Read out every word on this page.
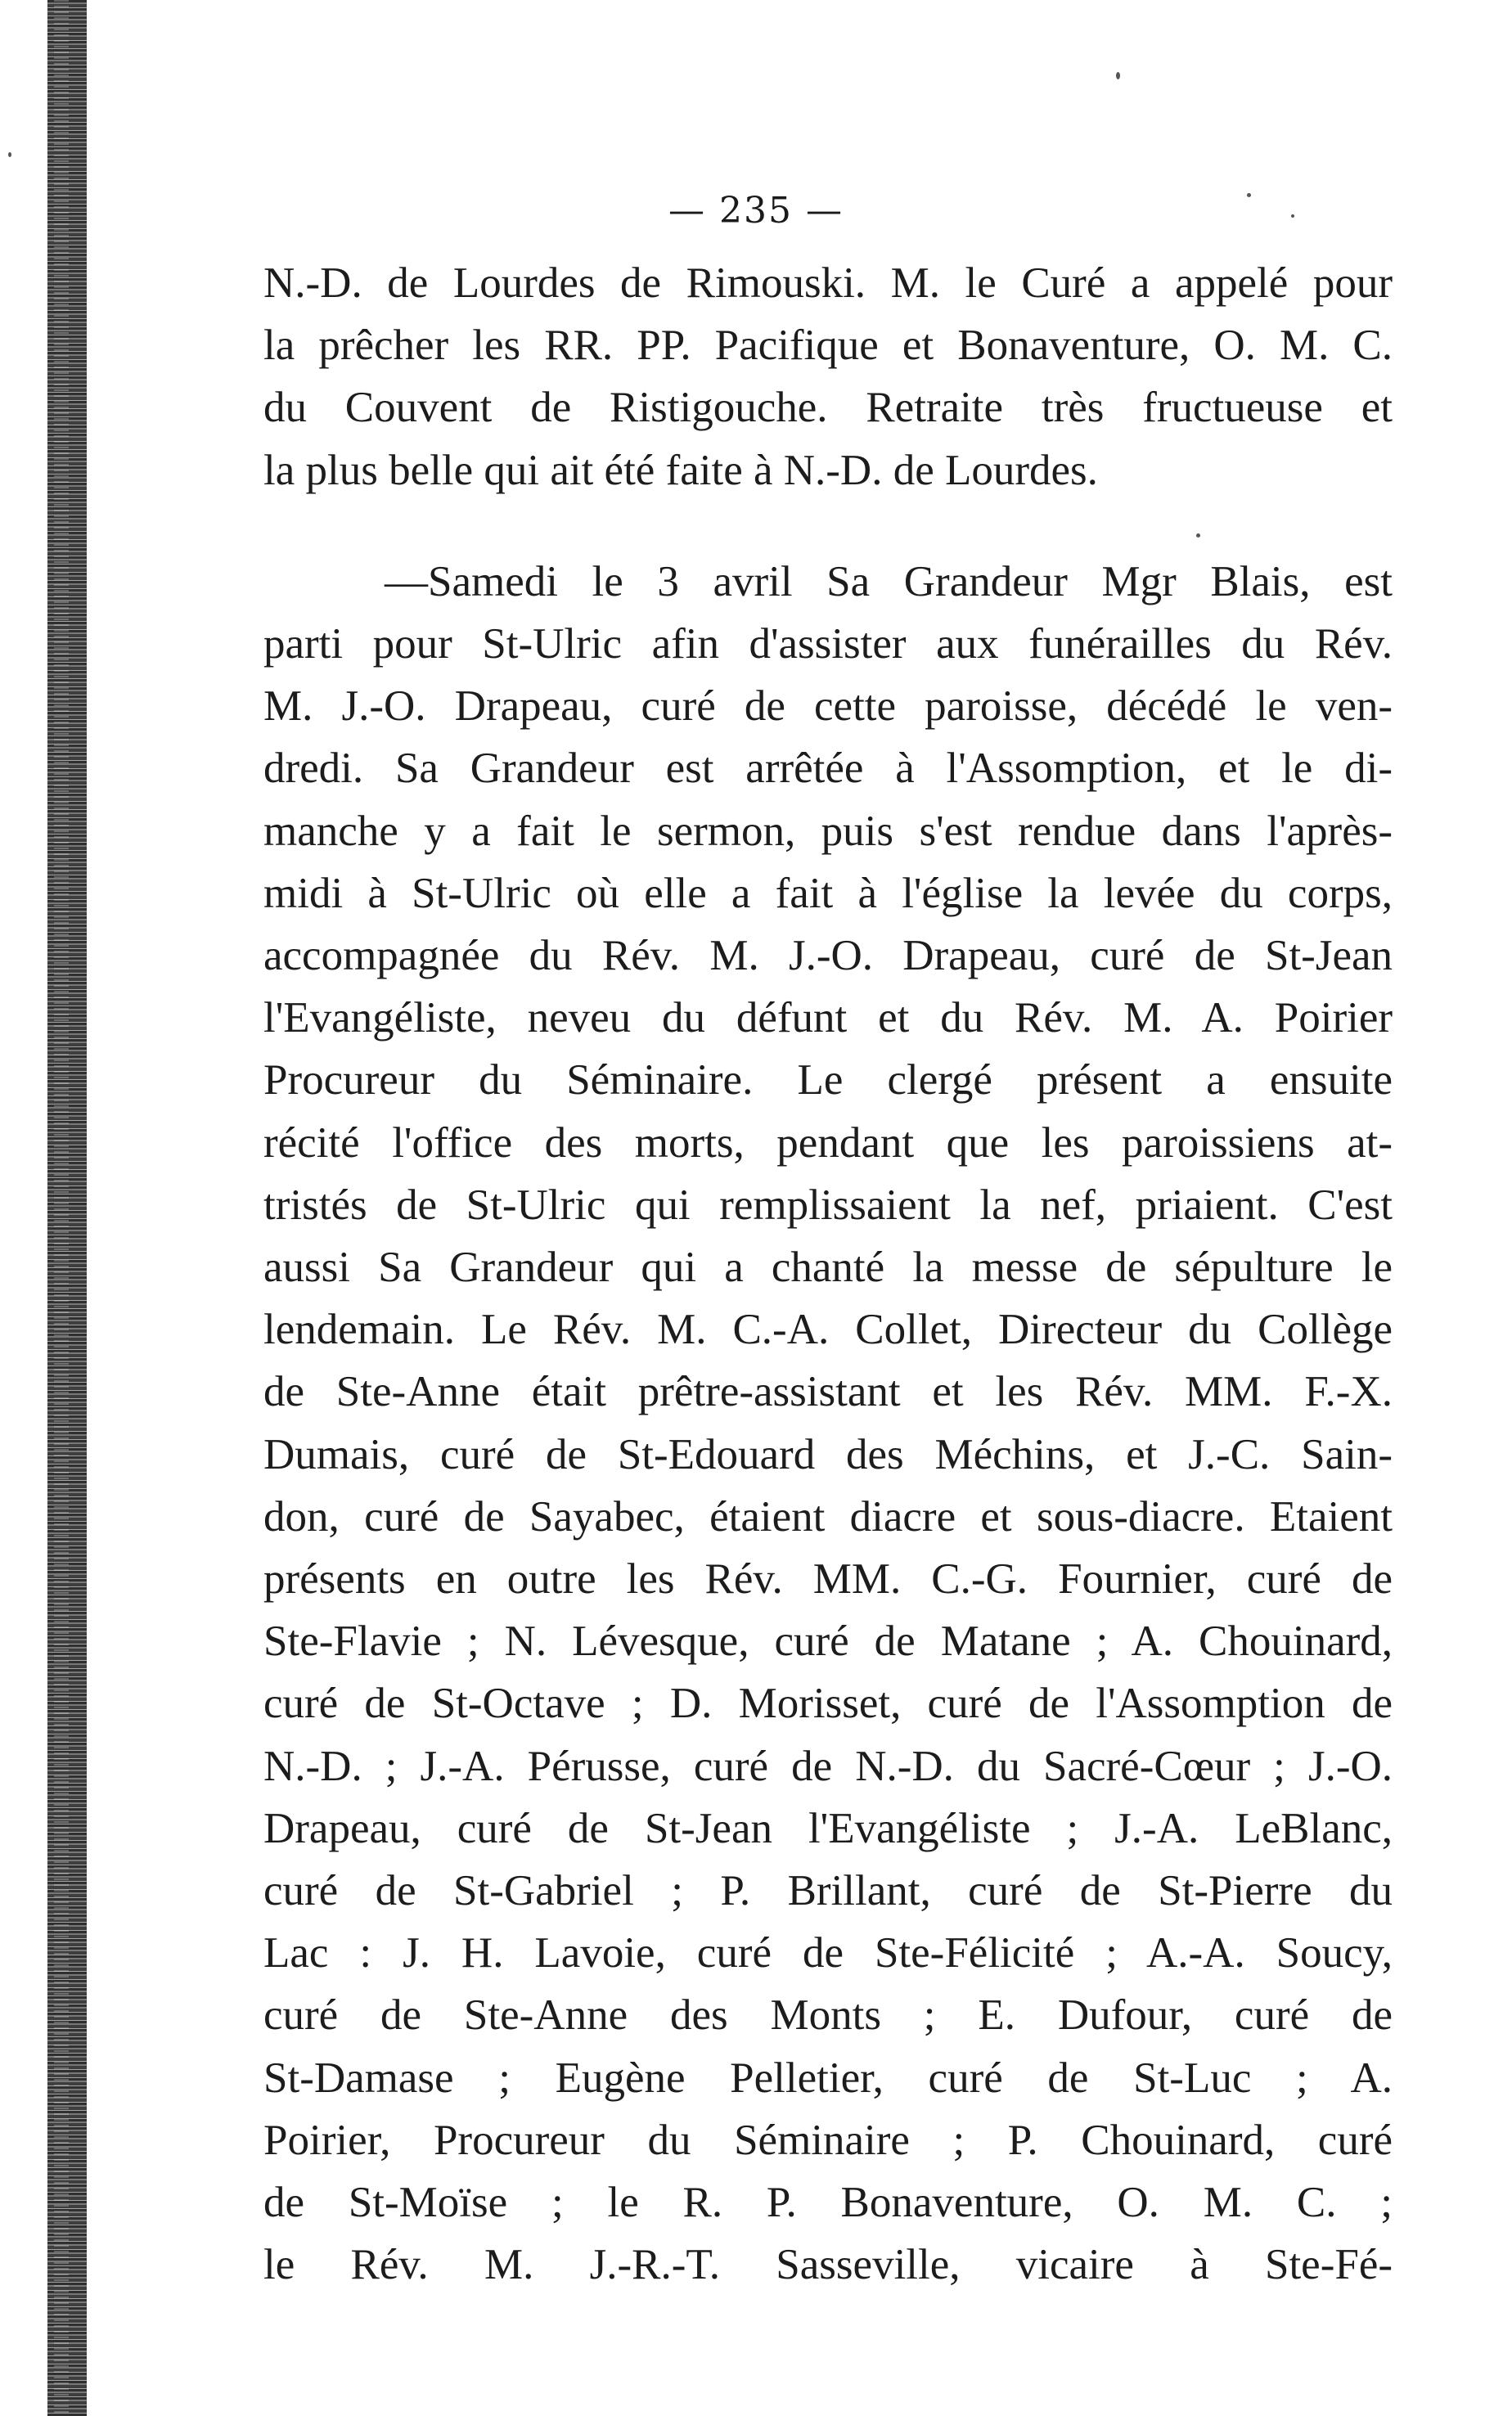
— 235 —
N.-D. de Lourdes de Rimouski. M. le Curé a appelé pour
la prêcher les RR. PP. Pacifique et Bonaventure, O. M. C.
du Couvent de Ristigouche. Retraite très fructueuse et
la plus belle qui ait été faite à N.-D. de Lourdes.
—Samedi le 3 avril Sa Grandeur Mgr Blais, est
parti pour St-Ulric afin d'assister aux funérailles du Rév.
M. J.-O. Drapeau, curé de cette paroisse, décédé le ven-
dredi. Sa Grandeur est arrêtée à l'Assomption, et le di-
manche y a fait le sermon, puis s'est rendue dans l'après-
midi à St-Ulric où elle a fait à l'église la levée du corps,
accompagnée du Rév. M. J.-O. Drapeau, curé de St-Jean
l'Evangéliste, neveu du défunt et du Rév. M. A. Poirier
Procureur du Séminaire. Le clergé présent a ensuite
récité l'office des morts, pendant que les paroissiens at-
tristés de St-Ulric qui remplissaient la nef, priaient. C'est
aussi Sa Grandeur qui a chanté la messe de sépulture le
lendemain. Le Rév. M. C.-A. Collet, Directeur du Collège
de Ste-Anne était prêtre-assistant et les Rév. MM. F.-X.
Dumais, curé de St-Edouard des Méchins, et J.-C. Sain-
don, curé de Sayabec, étaient diacre et sous-diacre. Etaient
présents en outre les Rév. MM. C.-G. Fournier, curé de
Ste-Flavie ; N. Lévesque, curé de Matane ; A. Chouinard,
curé de St-Octave ; D. Morisset, curé de l'Assomption de
N.-D. ; J.-A. Pérusse, curé de N.-D. du Sacré-Cœur ; J.-O.
Drapeau, curé de St-Jean l'Evangéliste ; J.-A. LeBlanc,
curé de St-Gabriel ; P. Brillant, curé de St-Pierre du
Lac : J. H. Lavoie, curé de Ste-Félicité ; A.-A. Soucy,
curé de Ste-Anne des Monts ; E. Dufour, curé de
St-Damase ; Eugène Pelletier, curé de St-Luc ; A.
Poirier, Procureur du Séminaire ; P. Chouinard, curé
de St-Moïse ; le R. P. Bonaventure, O. M. C. ;
le Rév. M. J.-R.-T. Sasseville, vicaire à Ste-Fé-
